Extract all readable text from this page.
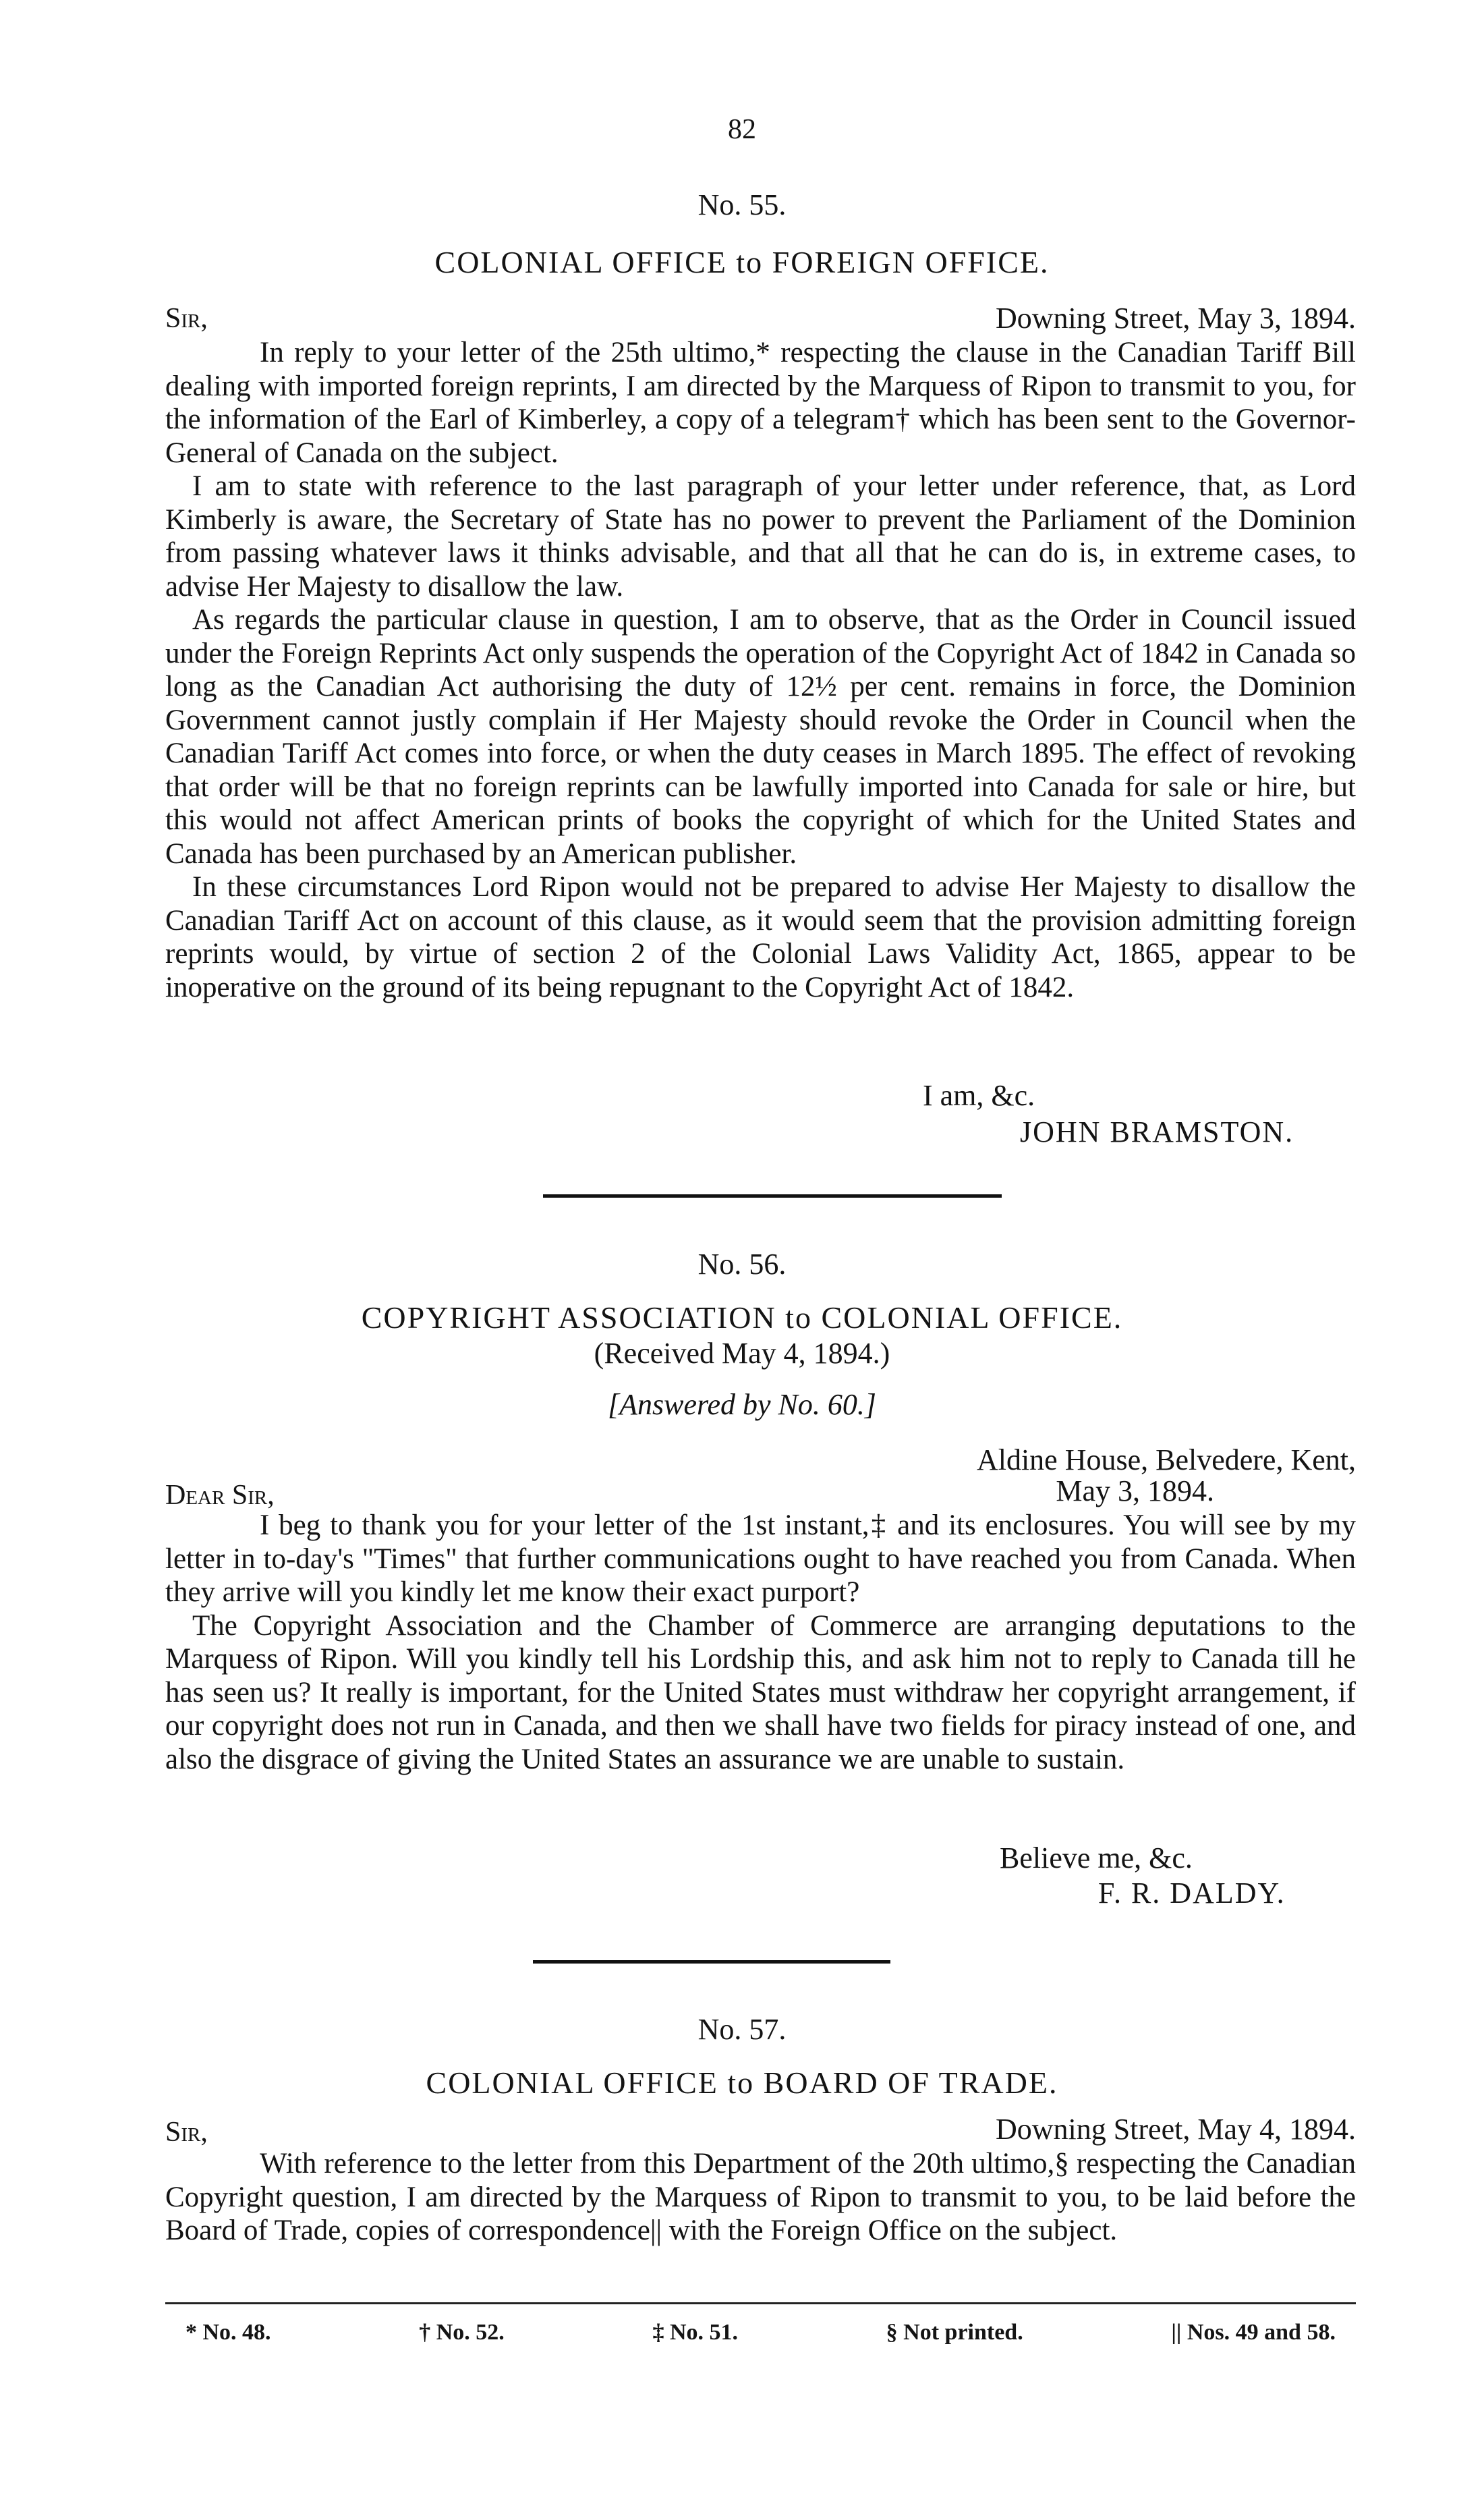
82
No. 55.
COLONIAL OFFICE to FOREIGN OFFICE.
Sir,	Downing Street, May 3, 1894.

In reply to your letter of the 25th ultimo,* respecting the clause in the Canadian Tariff Bill dealing with imported foreign reprints, I am directed by the Marquess of Ripon to transmit to you, for the information of the Earl of Kimberley, a copy of a telegram† which has been sent to the Governor-General of Canada on the subject.

I am to state with reference to the last paragraph of your letter under reference, that, as Lord Kimberly is aware, the Secretary of State has no power to prevent the Parliament of the Dominion from passing whatever laws it thinks advisable, and that all that he can do is, in extreme cases, to advise Her Majesty to disallow the law.

As regards the particular clause in question, I am to observe, that as the Order in Council issued under the Foreign Reprints Act only suspends the operation of the Copyright Act of 1842 in Canada so long as the Canadian Act authorising the duty of 12½ per cent. remains in force, the Dominion Government cannot justly complain if Her Majesty should revoke the Order in Council when the Canadian Tariff Act comes into force, or when the duty ceases in March 1895. The effect of revoking that order will be that no foreign reprints can be lawfully imported into Canada for sale or hire, but this would not affect American prints of books the copyright of which for the United States and Canada has been purchased by an American publisher.

In these circumstances Lord Ripon would not be prepared to advise Her Majesty to disallow the Canadian Tariff Act on account of this clause, as it would seem that the provision admitting foreign reprints would, by virtue of section 2 of the Colonial Laws Validity Act, 1865, appear to be inoperative on the ground of its being repugnant to the Copyright Act of 1842.

I am, &c.
JOHN BRAMSTON.
No. 56.
COPYRIGHT ASSOCIATION to COLONIAL OFFICE.
(Received May 4, 1894.)
[Answered by No. 60.]
Aldine House, Belvedere, Kent,
Dear Sir,	May 3, 1894.

I beg to thank you for your letter of the 1st instant,‡ and its enclosures. You will see by my letter in to-day's "Times" that further communications ought to have reached you from Canada. When they arrive will you kindly let me know their exact purport?

The Copyright Association and the Chamber of Commerce are arranging deputations to the Marquess of Ripon. Will you kindly tell his Lordship this, and ask him not to reply to Canada till he has seen us? It really is important, for the United States must withdraw her copyright arrangement, if our copyright does not run in Canada, and then we shall have two fields for piracy instead of one, and also the disgrace of giving the United States an assurance we are unable to sustain.

Believe me, &c.
F. R. DALDY.
No. 57.
COLONIAL OFFICE to BOARD OF TRADE.
Sir,	Downing Street, May 4, 1894.

With reference to the letter from this Department of the 20th ultimo,§ respecting the Canadian Copyright question, I am directed by the Marquess of Ripon to transmit to you, to be laid before the Board of Trade, copies of correspondence|| with the Foreign Office on the subject.

* No. 48.	† No. 52.	‡ No. 51.	§ Not printed.	|| Nos. 49 and 58.
